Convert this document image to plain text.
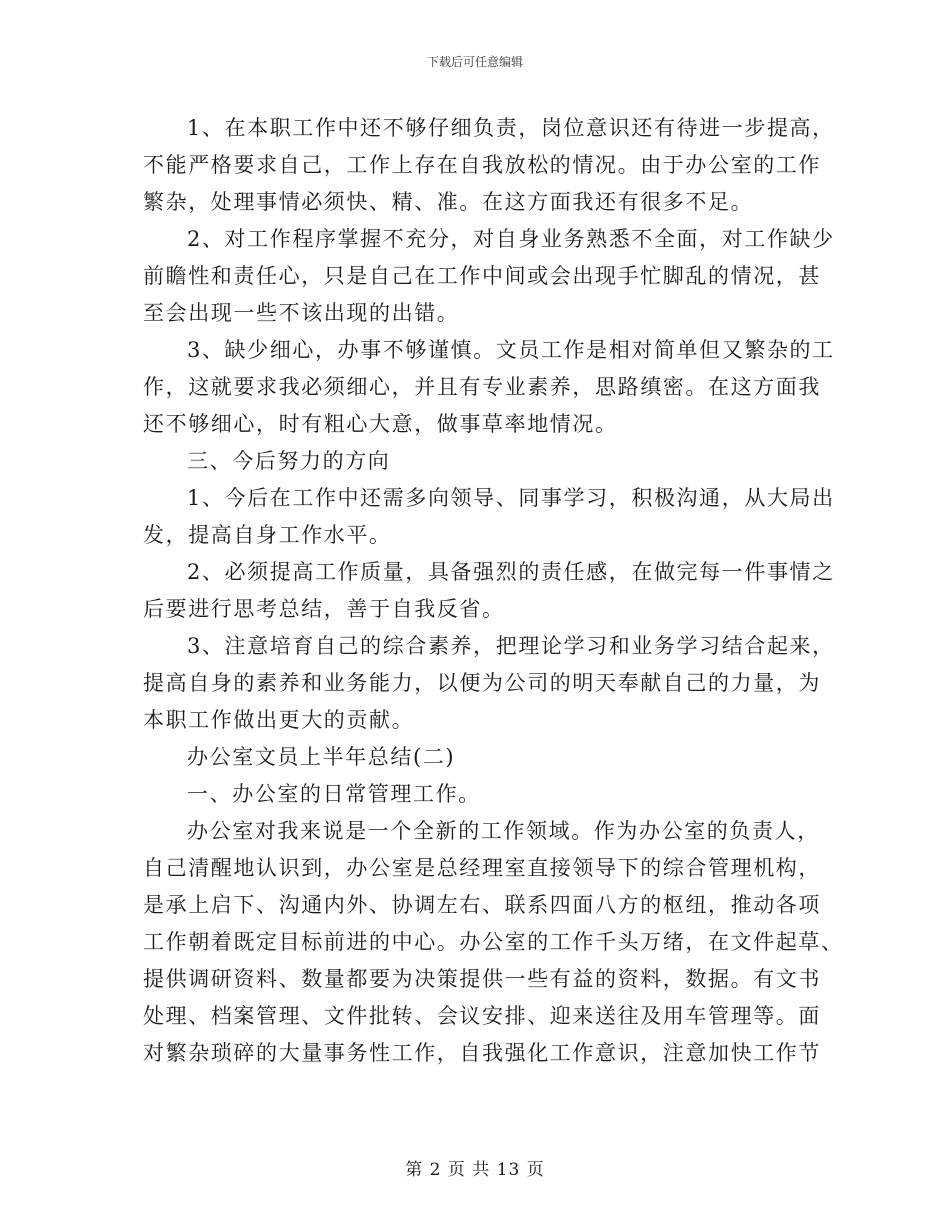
下载后可任意编辑
1、在本职工作中还不够仔细负责，岗位意识还有待进一步提高，
不能严格要求自己，工作上存在自我放松的情况。由于办公室的工作
繁杂，处理事情必须快、精、准。在这方面我还有很多不足。
2、对工作程序掌握不充分，对自身业务熟悉不全面，对工作缺少
前瞻性和责任心，只是自己在工作中间或会出现手忙脚乱的情况，甚
至会出现一些不该出现的出错。
3、缺少细心，办事不够谨慎。文员工作是相对简单但又繁杂的工
作，这就要求我必须细心，并且有专业素养，思路缜密。在这方面我
还不够细心，时有粗心大意，做事草率地情况。
三、今后努力的方向
1、今后在工作中还需多向领导、同事学习，积极沟通，从大局出
发，提高自身工作水平。
2、必须提高工作质量，具备强烈的责任感，在做完每一件事情之
后要进行思考总结，善于自我反省。
3、注意培育自己的综合素养，把理论学习和业务学习结合起来，
提高自身的素养和业务能力，以便为公司的明天奉献自己的力量，为
本职工作做出更大的贡献。
办公室文员上半年总结(二)
一、办公室的日常管理工作。
办公室对我来说是一个全新的工作领域。作为办公室的负责人，
自己清醒地认识到，办公室是总经理室直接领导下的综合管理机构，
是承上启下、沟通内外、协调左右、联系四面八方的枢纽，推动各项
工作朝着既定目标前进的中心。办公室的工作千头万绪，在文件起草、
提供调研资料、数量都要为决策提供一些有益的资料，数据。有文书
处理、档案管理、文件批转、会议安排、迎来送往及用车管理等。面
对繁杂琐碎的大量事务性工作，自我强化工作意识，注意加快工作节
第 2 页 共 13 页
